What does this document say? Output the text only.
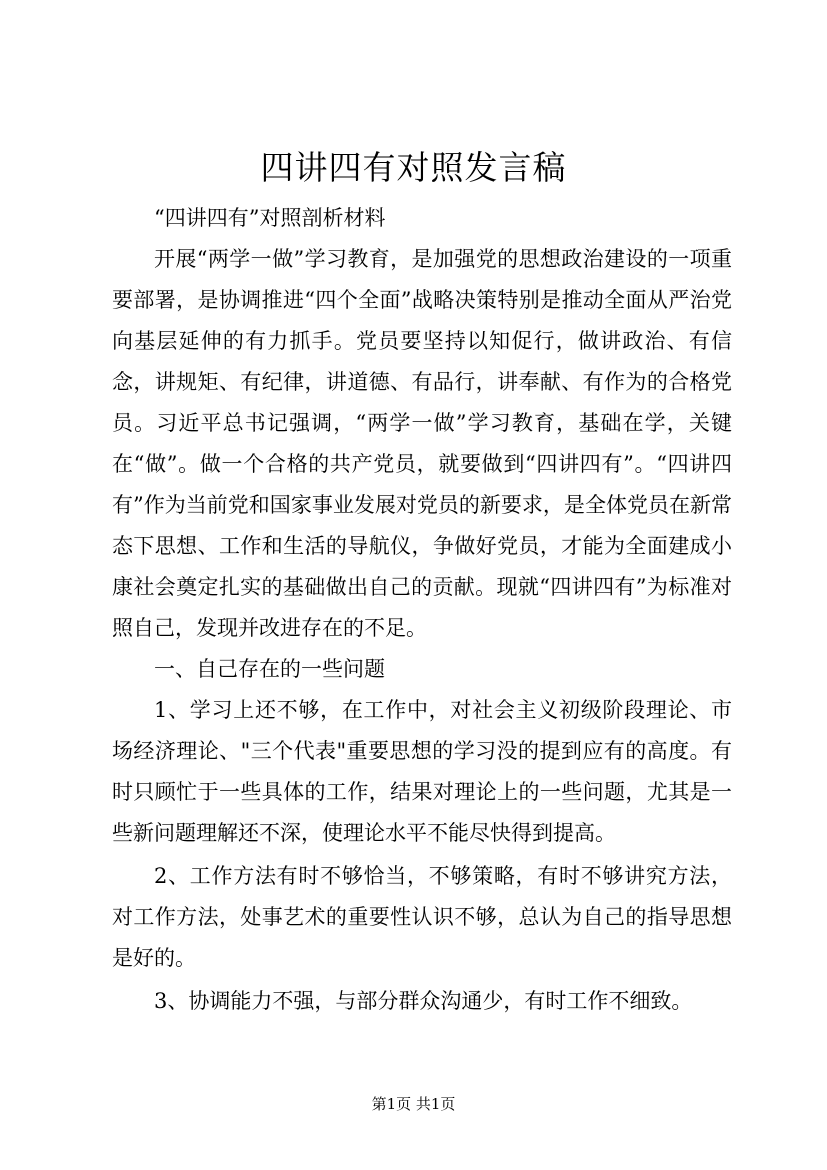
四讲四有对照发言稿

“四讲四有”对照剖析材料

开展“两学一做”学习教育，是加强党的思想政治建设的一项重要部署，是协调推进“四个全面”战略决策特别是推动全面从严治党向基层延伸的有力抓手。党员要坚持以知促行，做讲政治、有信念，讲规矩、有纪律，讲道德、有品行，讲奉献、有作为的合格党员。习近平总书记强调，“两学一做”学习教育，基础在学，关键在“做”。做一个合格的共产党员，就要做到“四讲四有”。“四讲四有”作为当前党和国家事业发展对党员的新要求，是全体党员在新常态下思想、工作和生活的导航仪，争做好党员，才能为全面建成小康社会奠定扎实的基础做出自己的贡献。现就“四讲四有”为标准对照自己，发现并改进存在的不足。

一、自己存在的一些问题

1、学习上还不够，在工作中，对社会主义初级阶段理论、市场经济理论、"三个代表"重要思想的学习没的提到应有的高度。有时只顾忙于一些具体的工作，结果对理论上的一些问题，尤其是一些新问题理解还不深，使理论水平不能尽快得到提高。

2、工作方法有时不够恰当，不够策略，有时不够讲究方法，对工作方法，处事艺术的重要性认识不够，总认为自己的指导思想是好的。

3、协调能力不强，与部分群众沟通少，有时工作不细致。

第1页 共1页
